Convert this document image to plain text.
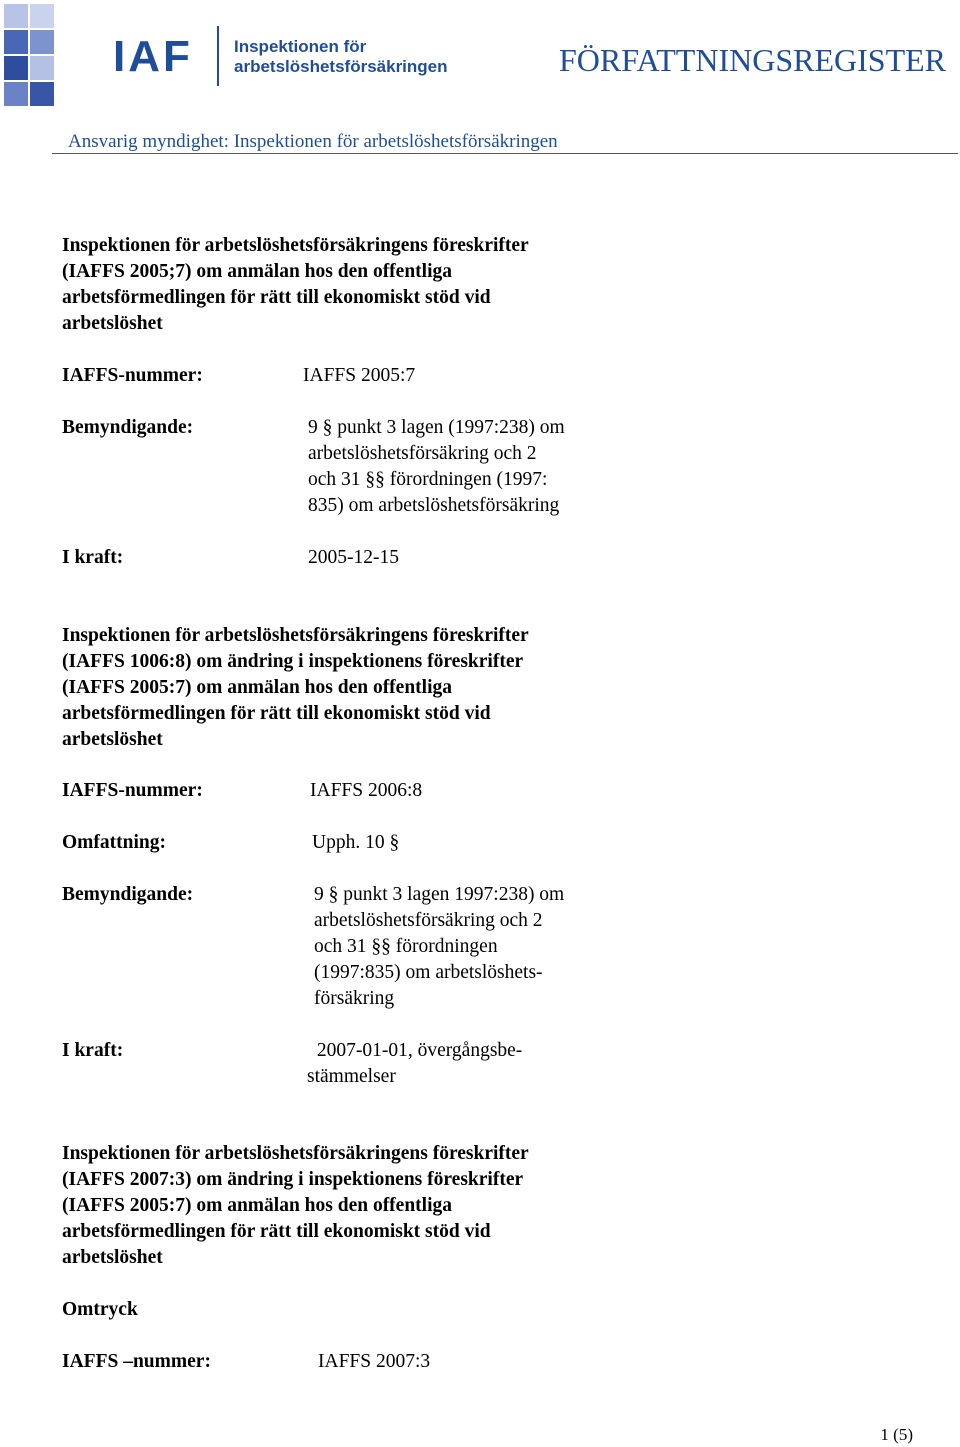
IAF Inspektionen för
arbetslöshetsförsäkringen	FÖRFATTNINGSREGISTER
Ansvarig myndighet: Inspektionen för arbetslöshetsförsäkringen
Inspektionen för arbetslöshetsförsäkringens föreskrifter
(IAFFS 2005;7) om anmälan hos den offentliga
arbetsförmedlingen för rätt till ekonomiskt stöd vid
arbetslöshet
IAFFS-nummer:	IAFFS 2005:7
Bemyndigande:	9 § punkt 3 lagen (1997:238) om
arbetslöshetsförsäkring och 2
och 31 §§ förordningen (1997:
835) om arbetslöshetsförsäkring
I kraft:	2005-12-15
Inspektionen för arbetslöshetsförsäkringens föreskrifter
(IAFFS 1006:8) om ändring i inspektionens föreskrifter
(IAFFS 2005:7) om anmälan hos den offentliga
arbetsförmedlingen för rätt till ekonomiskt stöd vid
arbetslöshet
IAFFS-nummer:	IAFFS 2006:8
Omfattning:	Upph. 10 §
Bemyndigande:	9 § punkt 3 lagen 1997:238) om
arbetslöshetsförsäkring och 2
och 31 §§ förordningen
(1997:835) om arbetslöshets-
försäkring
I kraft:	2007-01-01, övergångsbe-
stämmelser
Inspektionen för arbetslöshetsförsäkringens föreskrifter
(IAFFS 2007:3) om ändring i inspektionens föreskrifter
(IAFFS 2005:7) om anmälan hos den offentliga
arbetsförmedlingen för rätt till ekonomiskt stöd vid
arbetslöshet
Omtryck
IAFFS –nummer:	IAFFS 2007:3
1 (5)
